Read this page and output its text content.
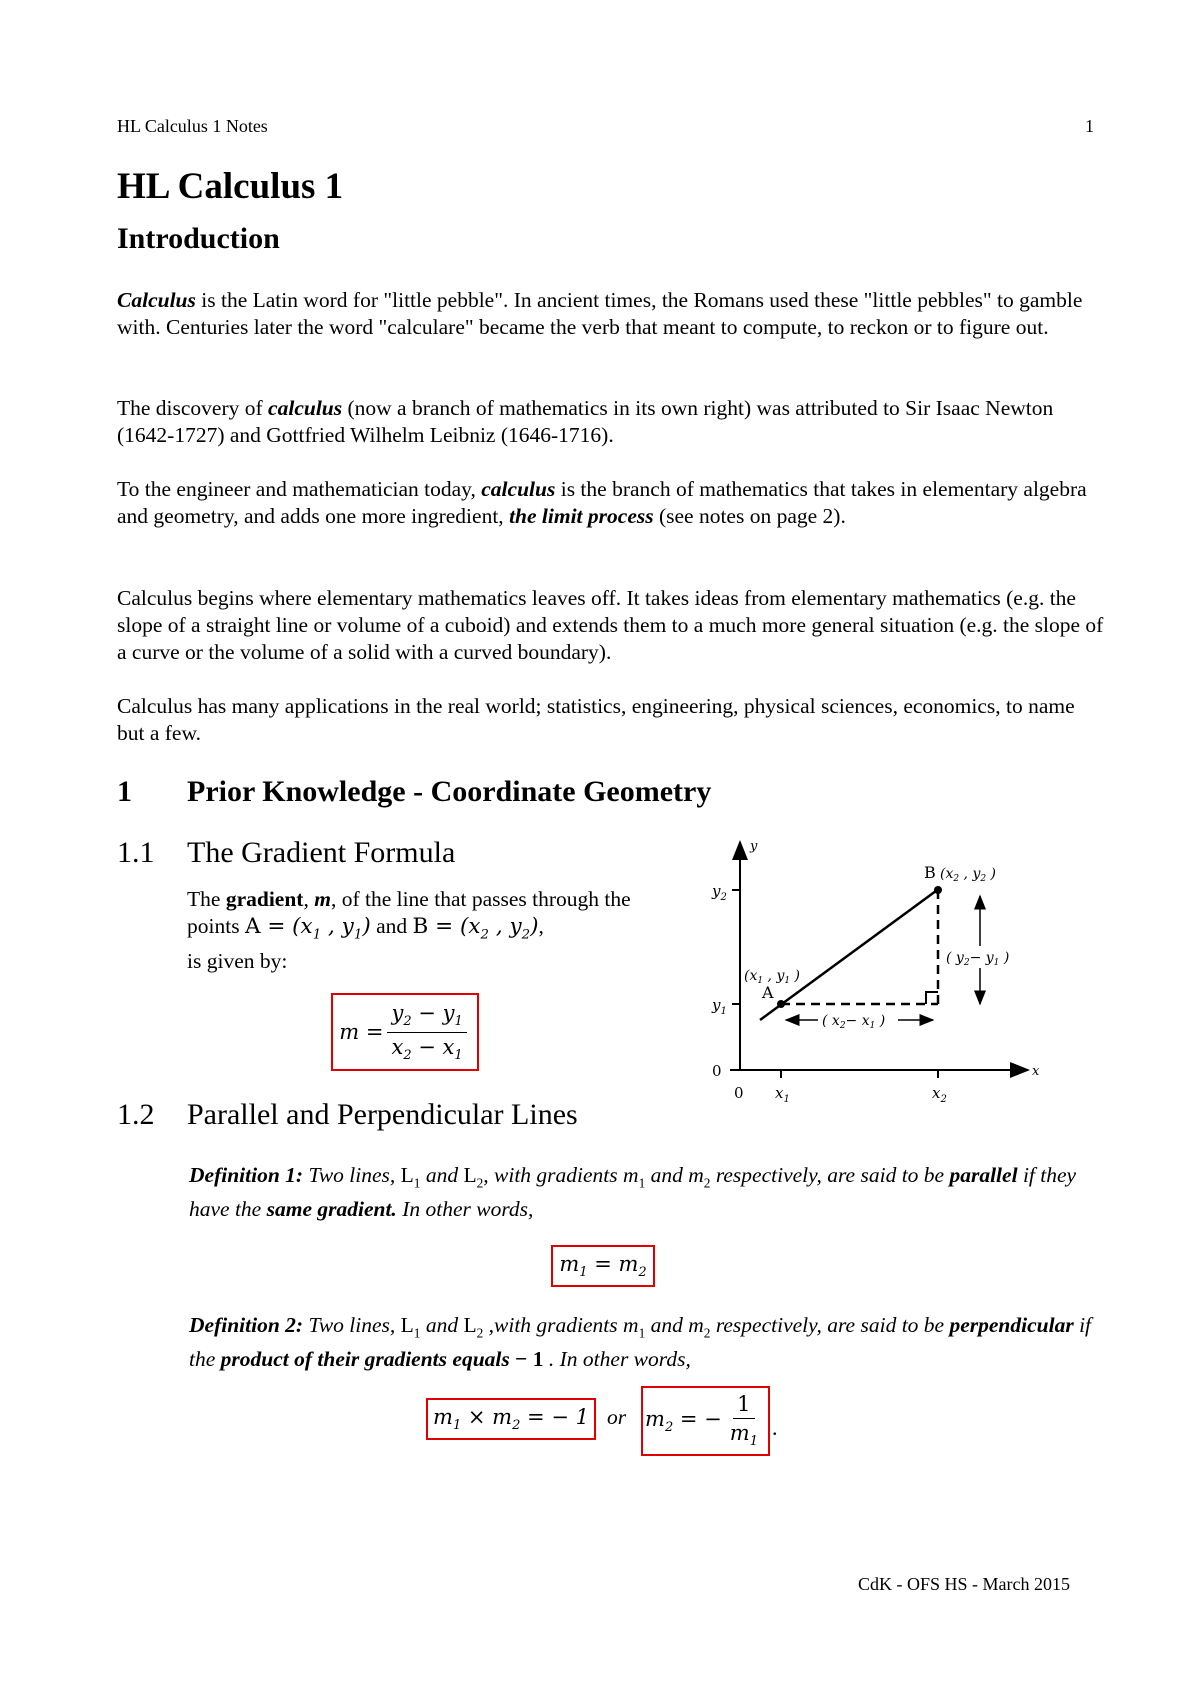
HL Calculus 1 Notes	1
HL Calculus 1
Introduction
Calculus is the Latin word for "little pebble". In ancient times, the Romans used these "little pebbles" to gamble with. Centuries later the word "calculare" became the verb that meant to compute, to reckon or to figure out.
The discovery of calculus (now a branch of mathematics in its own right) was attributed to Sir Isaac Newton (1642-1727) and Gottfried Wilhelm Leibniz (1646-1716).
To the engineer and mathematician today, calculus is the branch of mathematics that takes in elementary algebra and geometry, and adds one more ingredient, the limit process (see notes on page 2).
Calculus begins where elementary mathematics leaves off. It takes ideas from elementary mathematics (e.g. the slope of a straight line or volume of a cuboid) and extends them to a much more general situation (e.g. the slope of a curve or the volume of a solid with a curved boundary).
Calculus has many applications in the real world; statistics, engineering, physical sciences, economics, to name but a few.
1 Prior Knowledge - Coordinate Geometry
1.1 The Gradient Formula
The gradient, m, of the line that passes through the points $A = (x_1$ , $y_1$) and $B = (x_2$ , $y_2$),
is given by:
$m = \frac{y_2 - y_1}{x_2 - x_1}$
y
x
$y_2$
$y_1$
0
0 $x_1$	$x_2$
A
B ($x_2$ , $y_2$ )
($x_1$ , $y_1$ )
( $x_2- x_1$ )
( $y_2- y_1$ )
1.2 Parallel and Perpendicular Lines
Definition 1: Two lines, $L_1$ and $L_2$, with gradients $m_1$ and $m_2$ respectively, are said to be parallel if they have the same gradient. In other words,
$m_1 = m_2$
Definition 2: Two lines, $L_1$ and $L_2$ ,with gradients $m_1$ and $m_2$ respectively, are said to be perpendicular if the product of their gradients equals − 1 . In other words,
$m_1 \times m_2$ = − 1 or $m_2$ = − $\frac{1}{m_1}$ .
CdK - OFS HS - March 2015
